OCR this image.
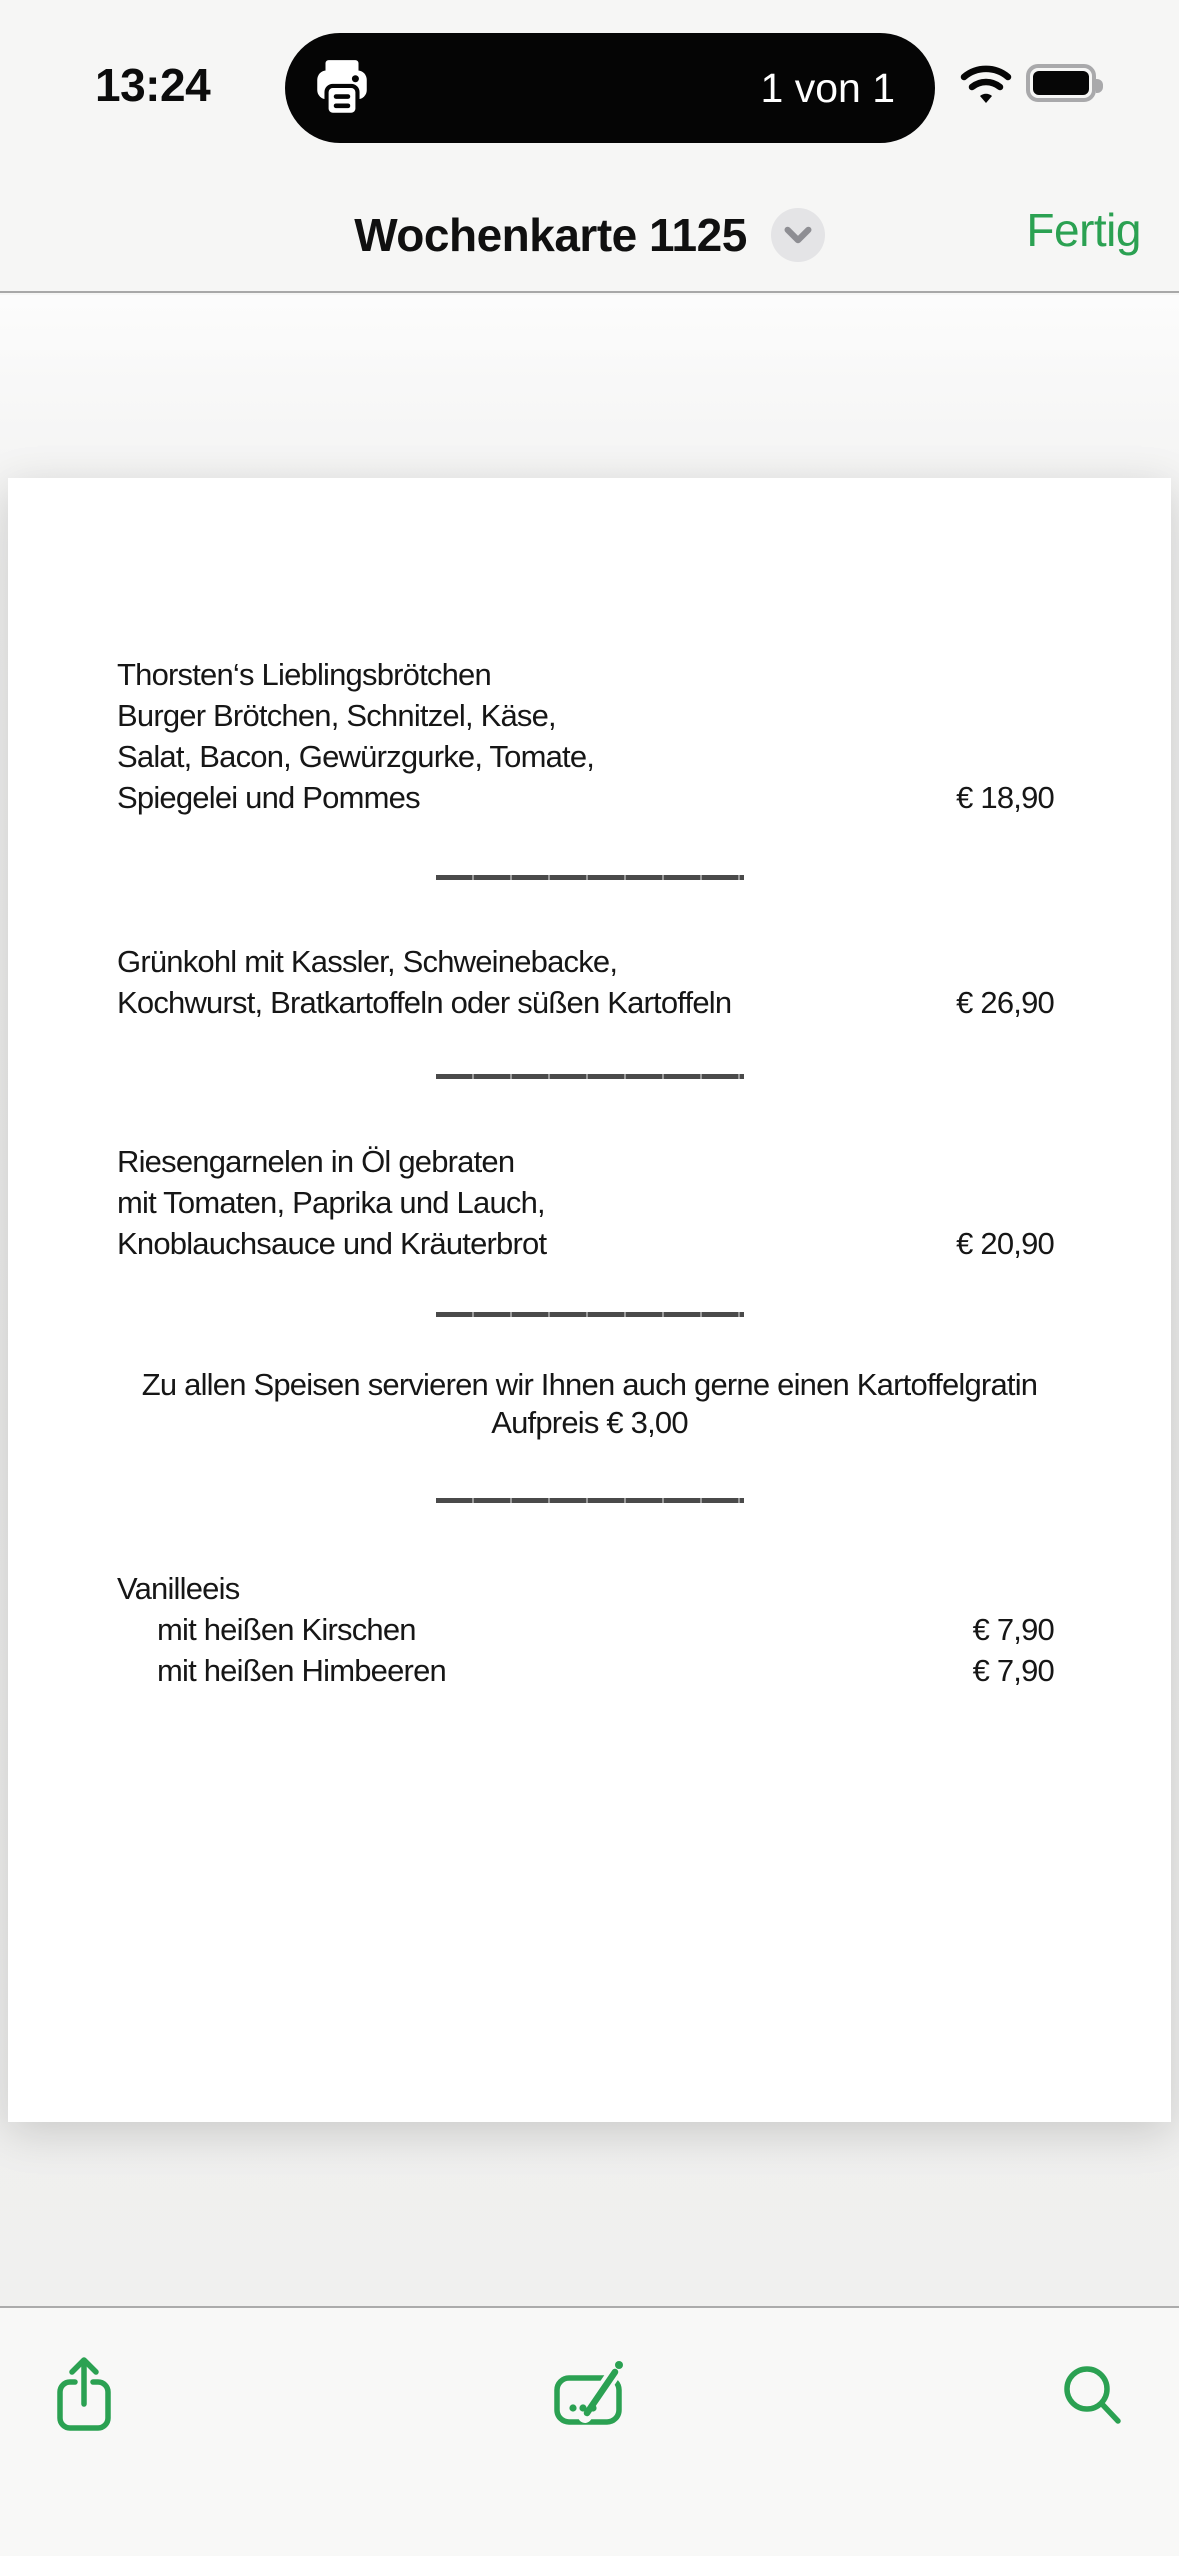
13:24	1 von 1
Wochenkarte 1125	Fertig
Thorsten‘s Lieblingsbrötchen
Burger Brötchen, Schnitzel, Käse,
Salat, Bacon, Gewürzgurke, Tomate,
Spiegelei und Pommes	€ 18,90
Grünkohl mit Kassler, Schweinebacke,
Kochwurst, Bratkartoffeln oder süßen Kartoffeln	€ 26,90
Riesengarnelen in Öl gebraten
mit Tomaten, Paprika und Lauch,
Knoblauchsauce und Kräuterbrot	€ 20,90
Zu allen Speisen servieren wir Ihnen auch gerne einen Kartoffelgratin
Aufpreis € 3,00
Vanilleeis
mit heißen Kirschen	€ 7,90
mit heißen Himbeeren	€ 7,90
